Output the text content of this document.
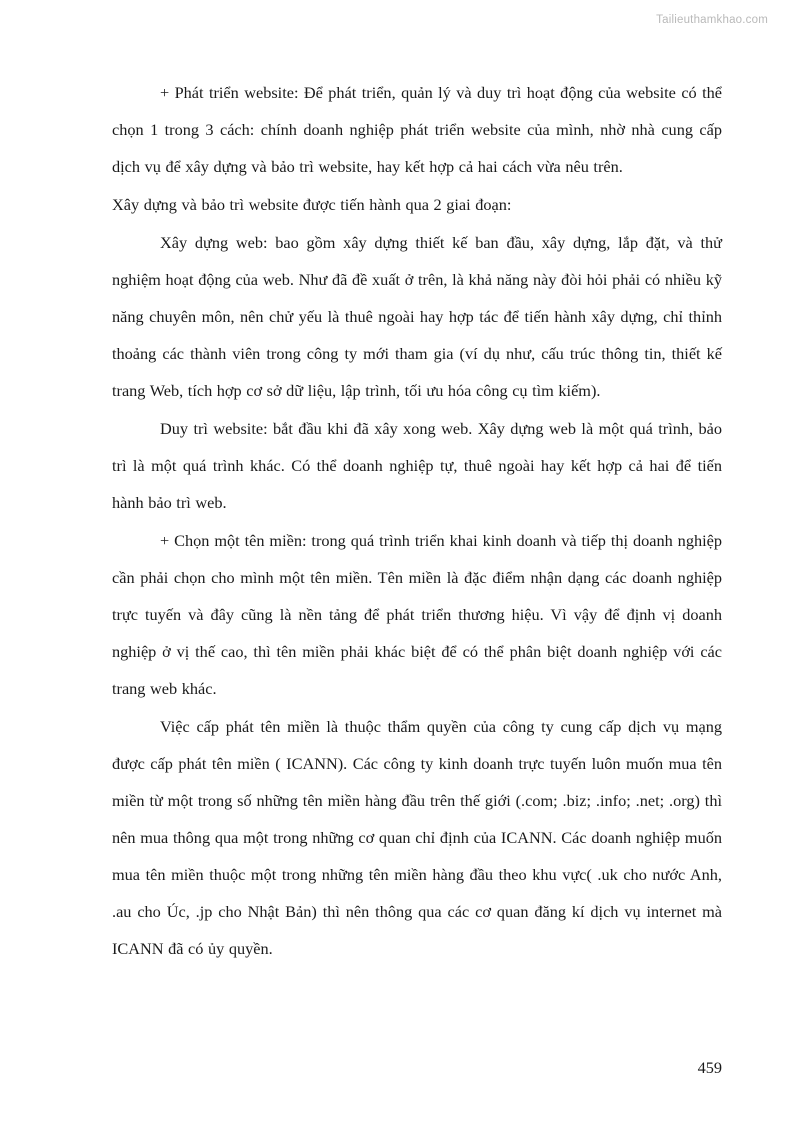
Tailieuthamkhao.com

+ Phát triển website: Để phát triển, quản lý và duy trì hoạt động của website có thể chọn 1 trong 3 cách: chính doanh nghiệp phát triển website của mình, nhờ nhà cung cấp dịch vụ để xây dựng và bảo trì website, hay kết hợp cả hai cách vừa nêu trên.

Xây dựng và bảo trì website được tiến hành qua 2 giai đoạn:

Xây dựng web: bao gồm xây dựng thiết kế ban đầu, xây dựng, lắp đặt, và thử nghiệm hoạt động của web. Như đã đề xuất ở trên, là khả năng này đòi hỏi phải có nhiều kỹ năng chuyên môn, nên chử yếu là thuê ngoài hay hợp tác để tiến hành xây dựng, chỉ thỉnh thoảng các thành viên trong công ty mới tham gia (ví dụ như, cấu trúc thông tin, thiết kế trang Web, tích hợp cơ sở dữ liệu, lập trình, tối ưu hóa công cụ tìm kiếm).

Duy trì website: bắt đầu khi đã xây xong web. Xây dựng web là một quá trình, bảo trì là một quá trình khác. Có thể doanh nghiệp tự, thuê ngoài hay kết hợp cả hai để tiến hành bảo trì web.

+ Chọn một tên miền: trong quá trình triển khai kinh doanh và tiếp thị doanh nghiệp cần phải chọn cho mình một tên miền. Tên miền là đặc điểm nhận dạng các doanh nghiệp trực tuyến và đây cũng là nền tảng để phát triển thương hiệu. Vì vậy để định vị doanh nghiệp ở vị thế cao, thì tên miền phải khác biệt để có thể phân biệt doanh nghiệp với các trang web khác.

Việc cấp phát tên miền là thuộc thẩm quyền của công ty cung cấp dịch vụ mạng được cấp phát tên miền ( ICANN). Các công ty kinh doanh trực tuyến luôn muốn mua tên miền từ một trong số những tên miền hàng đầu trên thế giới (.com; .biz; .info; .net; .org) thì nên mua thông qua một trong những cơ quan chỉ định của ICANN. Các doanh nghiệp muốn mua tên miền thuộc một trong những tên miền hàng đầu theo khu vực( .uk cho nước Anh, .au cho Úc, .jp cho Nhật Bản) thì nên thông qua các cơ quan đăng kí dịch vụ internet mà ICANN đã có ủy quyền.

459
